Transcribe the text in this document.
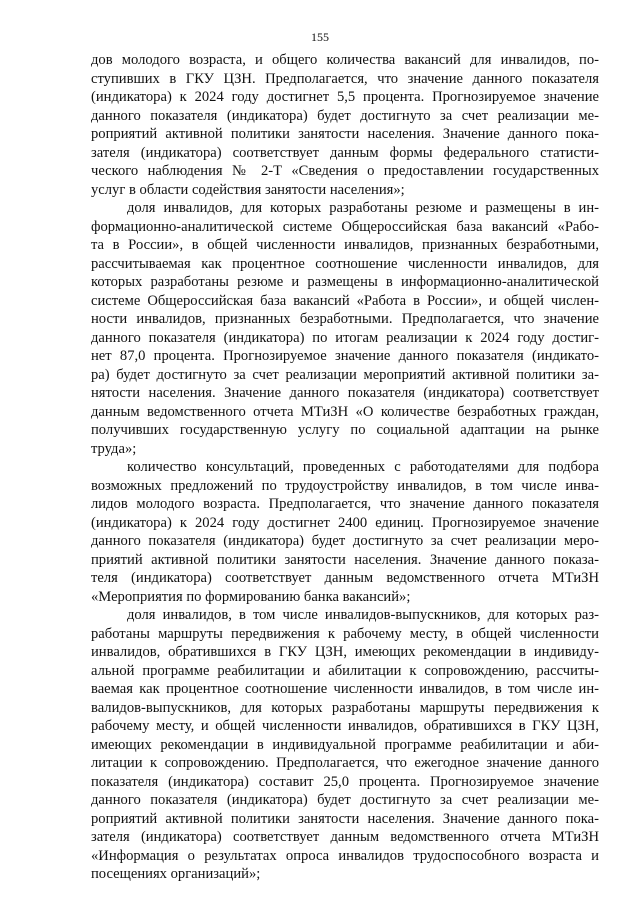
155
дов молодого возраста, и общего количества вакансий для инвалидов, по-
ступивших в ГКУ ЦЗН. Предполагается, что значение данного показателя
(индикатора) к 2024 году достигнет 5,5 процента. Прогнозируемое значение
данного показателя (индикатора) будет достигнуто за счет реализации ме-
роприятий активной политики занятости населения. Значение данного пока-
зателя (индикатора) соответствует данным формы федерального статисти-
ческого наблюдения № 2-Т «Сведения о предоставлении государственных
услуг в области содействия занятости населения»;
доля инвалидов, для которых разработаны резюме и размещены в ин-
формационно-аналитической системе Общероссийская база вакансий «Рабо-
та в России», в общей численности инвалидов, признанных безработными,
рассчитываемая как процентное соотношение численности инвалидов, для
которых разработаны резюме и размещены в информационно-аналитической
системе Общероссийская база вакансий «Работа в России», и общей числен-
ности инвалидов, признанных безработными. Предполагается, что значение
данного показателя (индикатора) по итогам реализации к 2024 году достиг-
нет 87,0 процента. Прогнозируемое значение данного показателя (индикато-
ра) будет достигнуто за счет реализации мероприятий активной политики за-
нятости населения. Значение данного показателя (индикатора) соответствует
данным ведомственного отчета МТиЗН «О количестве безработных граждан,
получивших государственную услугу по социальной адаптации на рынке
труда»;
количество консультаций, проведенных с работодателями для подбора
возможных предложений по трудоустройству инвалидов, в том числе инва-
лидов молодого возраста. Предполагается, что значение данного показателя
(индикатора) к 2024 году достигнет 2400 единиц. Прогнозируемое значение
данного показателя (индикатора) будет достигнуто за счет реализации меро-
приятий активной политики занятости населения. Значение данного показа-
теля (индикатора) соответствует данным ведомственного отчета МТиЗН
«Мероприятия по формированию банка вакансий»;
доля инвалидов, в том числе инвалидов-выпускников, для которых раз-
работаны маршруты передвижения к рабочему месту, в общей численности
инвалидов, обратившихся в ГКУ ЦЗН, имеющих рекомендации в индивиду-
альной программе реабилитации и абилитации к сопровождению, рассчиты-
ваемая как процентное соотношение численности инвалидов, в том числе ин-
валидов-выпускников, для которых разработаны маршруты передвижения к
рабочему месту, и общей численности инвалидов, обратившихся в ГКУ ЦЗН,
имеющих рекомендации в индивидуальной программе реабилитации и аби-
литации к сопровождению. Предполагается, что ежегодное значение данного
показателя (индикатора) составит 25,0 процента. Прогнозируемое значение
данного показателя (индикатора) будет достигнуто за счет реализации ме-
роприятий активной политики занятости населения. Значение данного пока-
зателя (индикатора) соответствует данным ведомственного отчета МТиЗН
«Информация о результатах опроса инвалидов трудоспособного возраста и
посещениях организаций»;
